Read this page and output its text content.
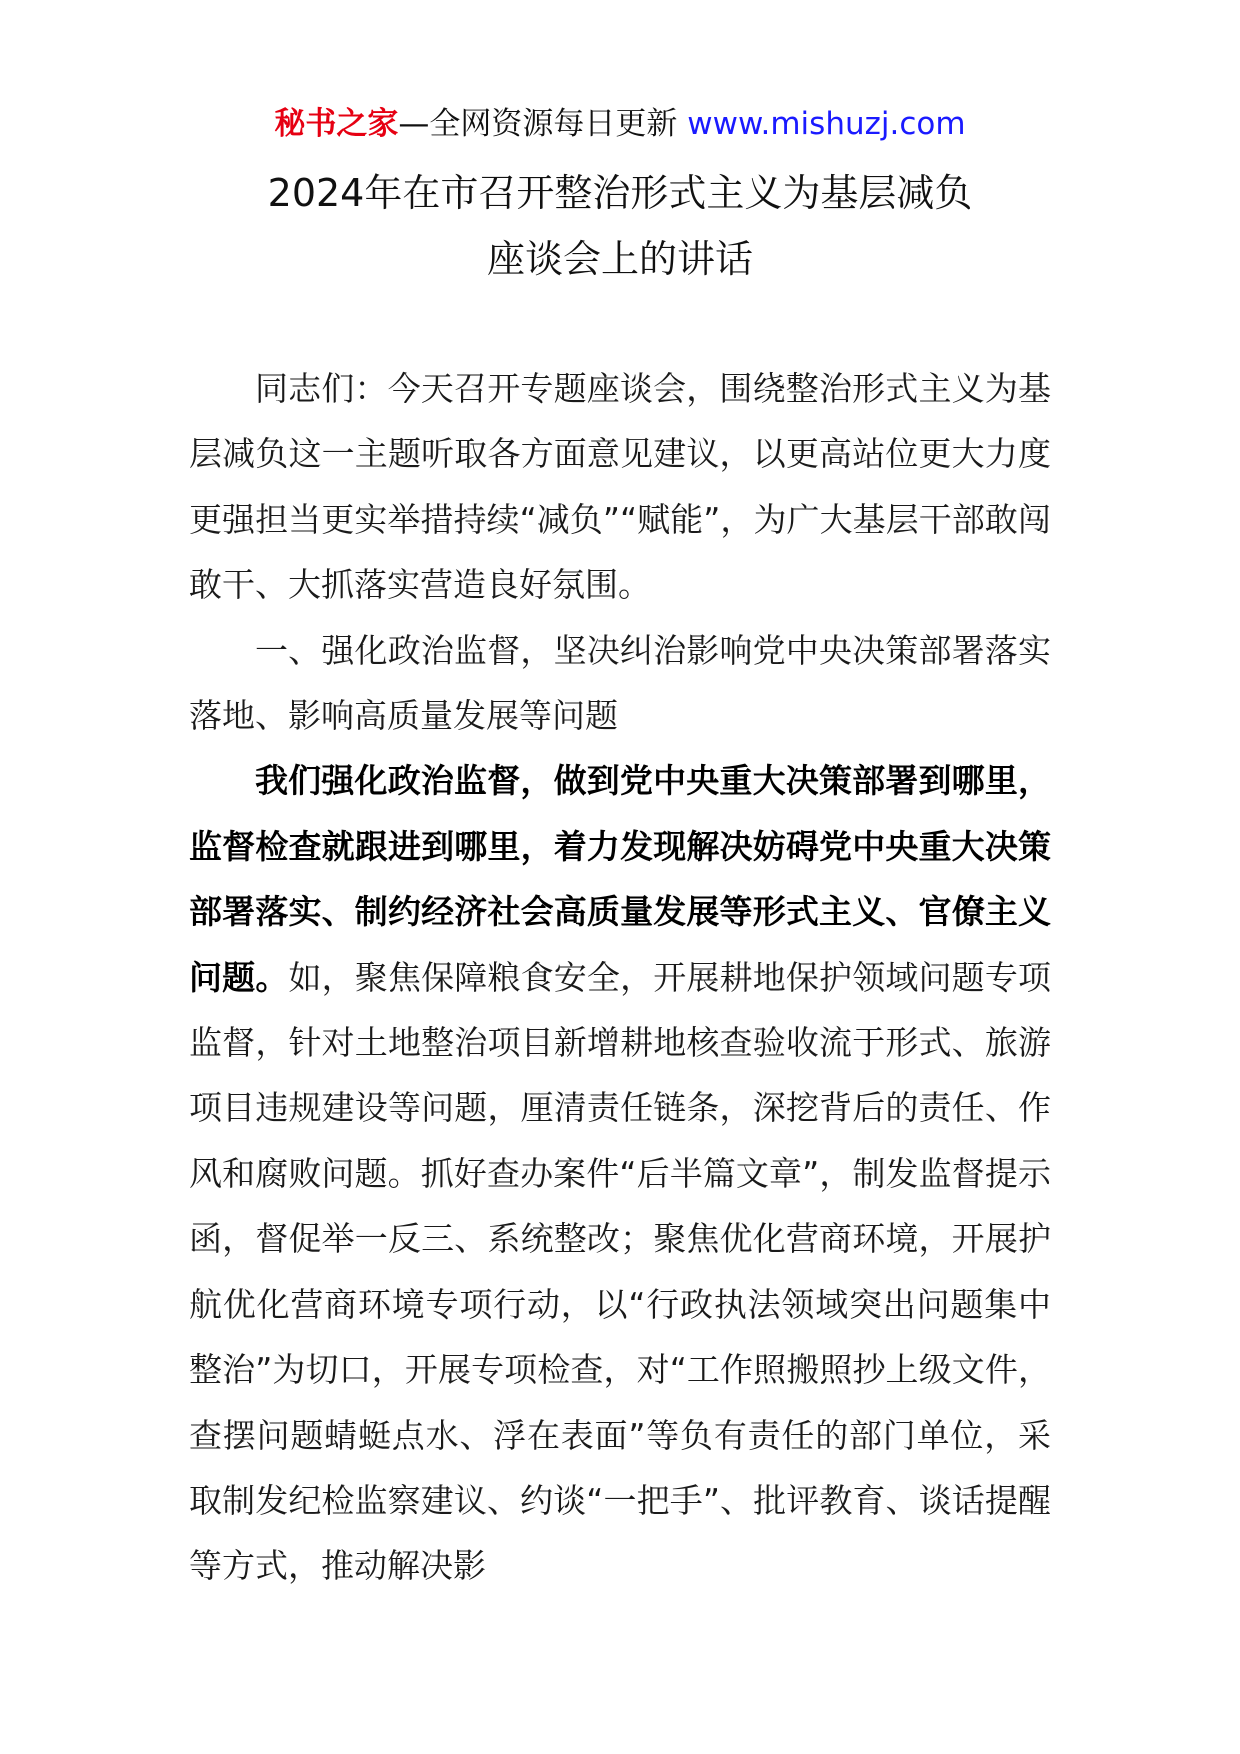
秘书之家—全网资源每日更新 www.mishuzj.com
2024年在市召开整治形式主义为基层减负
座谈会上的讲话

同志们：今天召开专题座谈会，围绕整治形式主义为基层减负这一主题听取各方面意见建议，以更高站位更大力度更强担当更实举措持续“减负”“赋能”，为广大基层干部敢闯敢干、大抓落实营造良好氛围。

一、强化政治监督，坚决纠治影响党中央决策部署落实落地、影响高质量发展等问题

我们强化政治监督，做到党中央重大决策部署到哪里，监督检查就跟进到哪里，着力发现解决妨碍党中央重大决策部署落实、制约经济社会高质量发展等形式主义、官僚主义问题。如，聚焦保障粮食安全，开展耕地保护领域问题专项监督，针对土地整治项目新增耕地核查验收流于形式、旅游项目违规建设等问题，厘清责任链条，深挖背后的责任、作风和腐败问题。抓好查办案件“后半篇文章”，制发监督提示函，督促举一反三、系统整改；聚焦优化营商环境，开展护航优化营商环境专项行动，以“行政执法领域突出问题集中整治”为切口，开展专项检查，对“工作照搬照抄上级文件，查摆问题蜻蜓点水、浮在表面”等负有责任的部门单位，采取制发纪检监察建议、约谈“一把手”、批评教育、谈话提醒等方式，推动解决影
